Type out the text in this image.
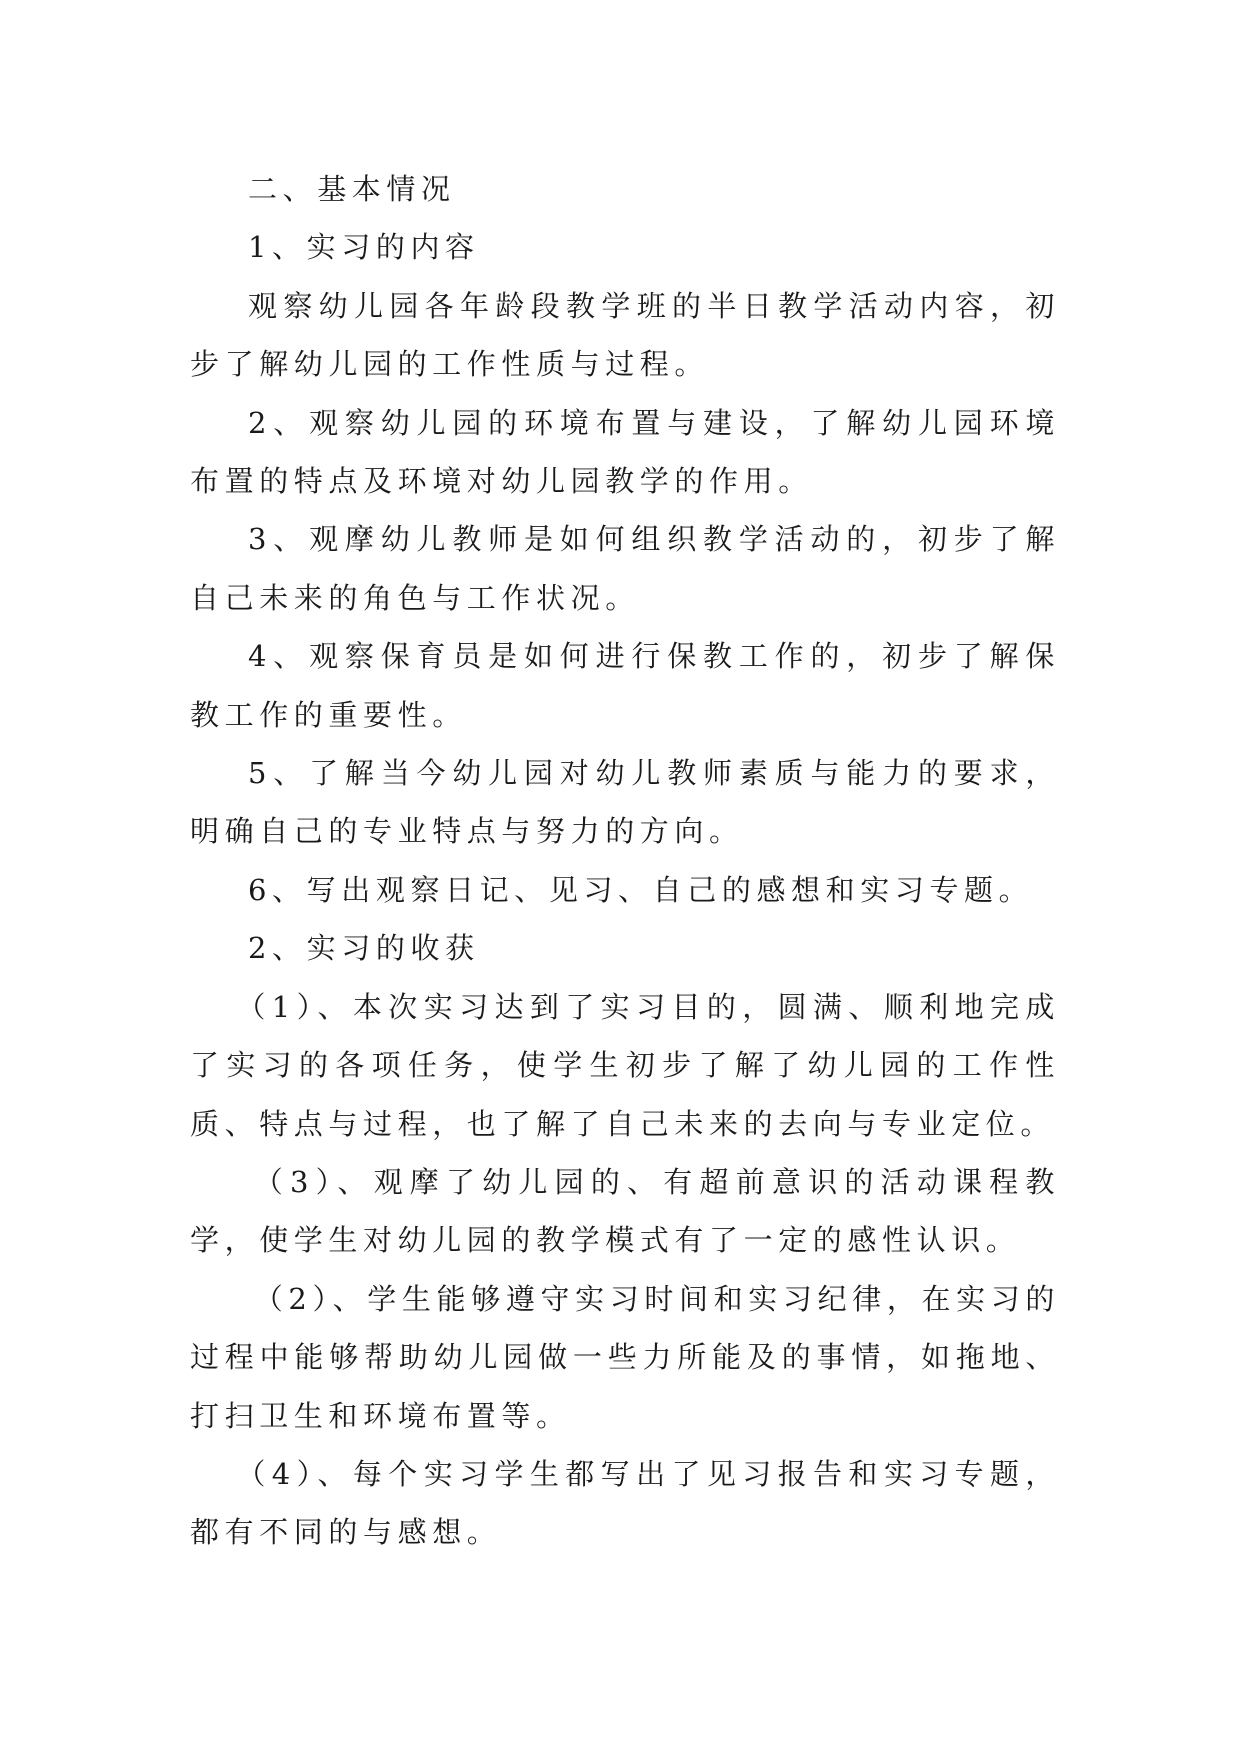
二、基本情况

1、实习的内容

观察幼儿园各年龄段教学班的半日教学活动内容，初步了解幼儿园的工作性质与过程。

2、观察幼儿园的环境布置与建设，了解幼儿园环境布置的特点及环境对幼儿园教学的作用。

3、观摩幼儿教师是如何组织教学活动的，初步了解自己未来的角色与工作状况。

4、观察保育员是如何进行保教工作的，初步了解保教工作的重要性。

5、了解当今幼儿园对幼儿教师素质与能力的要求，明确自己的专业特点与努力的方向。

6、写出观察日记、见习、自己的感想和实习专题。

2、实习的收获

（1）、本次实习达到了实习目的，圆满、顺利地完成了实习的各项任务，使学生初步了解了幼儿园的工作性质、特点与过程，也了解了自己未来的去向与专业定位。

（3）、观摩了幼儿园的、有超前意识的活动课程教学，使学生对幼儿园的教学模式有了一定的感性认识。

（2）、学生能够遵守实习时间和实习纪律，在实习的过程中能够帮助幼儿园做一些力所能及的事情，如拖地、打扫卫生和环境布置等。

（4）、每个实习学生都写出了见习报告和实习专题，都有不同的与感想。
